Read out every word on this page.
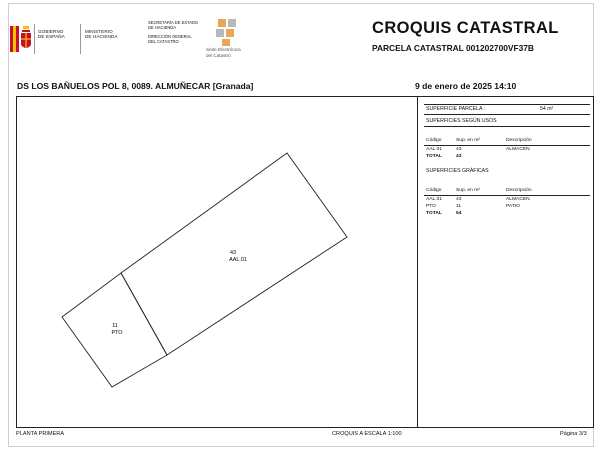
GOBIERNO
DE ESPAÑA
MINISTERIO
DE HACIENDA
SECRETARÍA DE ESTADO
DE HACIENDA
DIRECCIÓN GENERAL
DEL CATASTRO
Sede Electrónica
del Catastro
CROQUIS CATASTRAL
PARCELA CATASTRAL 001202700VF37B
DS LOS BAÑUELOS POL 8, 0089. ALMUÑECAR [Granada]	9 de enero de 2025 14:10
43
AAL.01
11
PTO
SUPERFICIE PARCELA :	54 m²
SUPERFICIES SEGÚN USOS
Código	Sup. en m²	Descripción
AAL.01	43	ALMACEN
TOTAL	43	
SUPERFICIES GRÁFICAS
Código	Sup. en m²	Descripción
AAL.01	43	ALMACEN
PTO	11	PATIO
TOTAL	54	
PLANTA PRIMERA	CROQUIS A ESCALA 1:100	Página 3/3
